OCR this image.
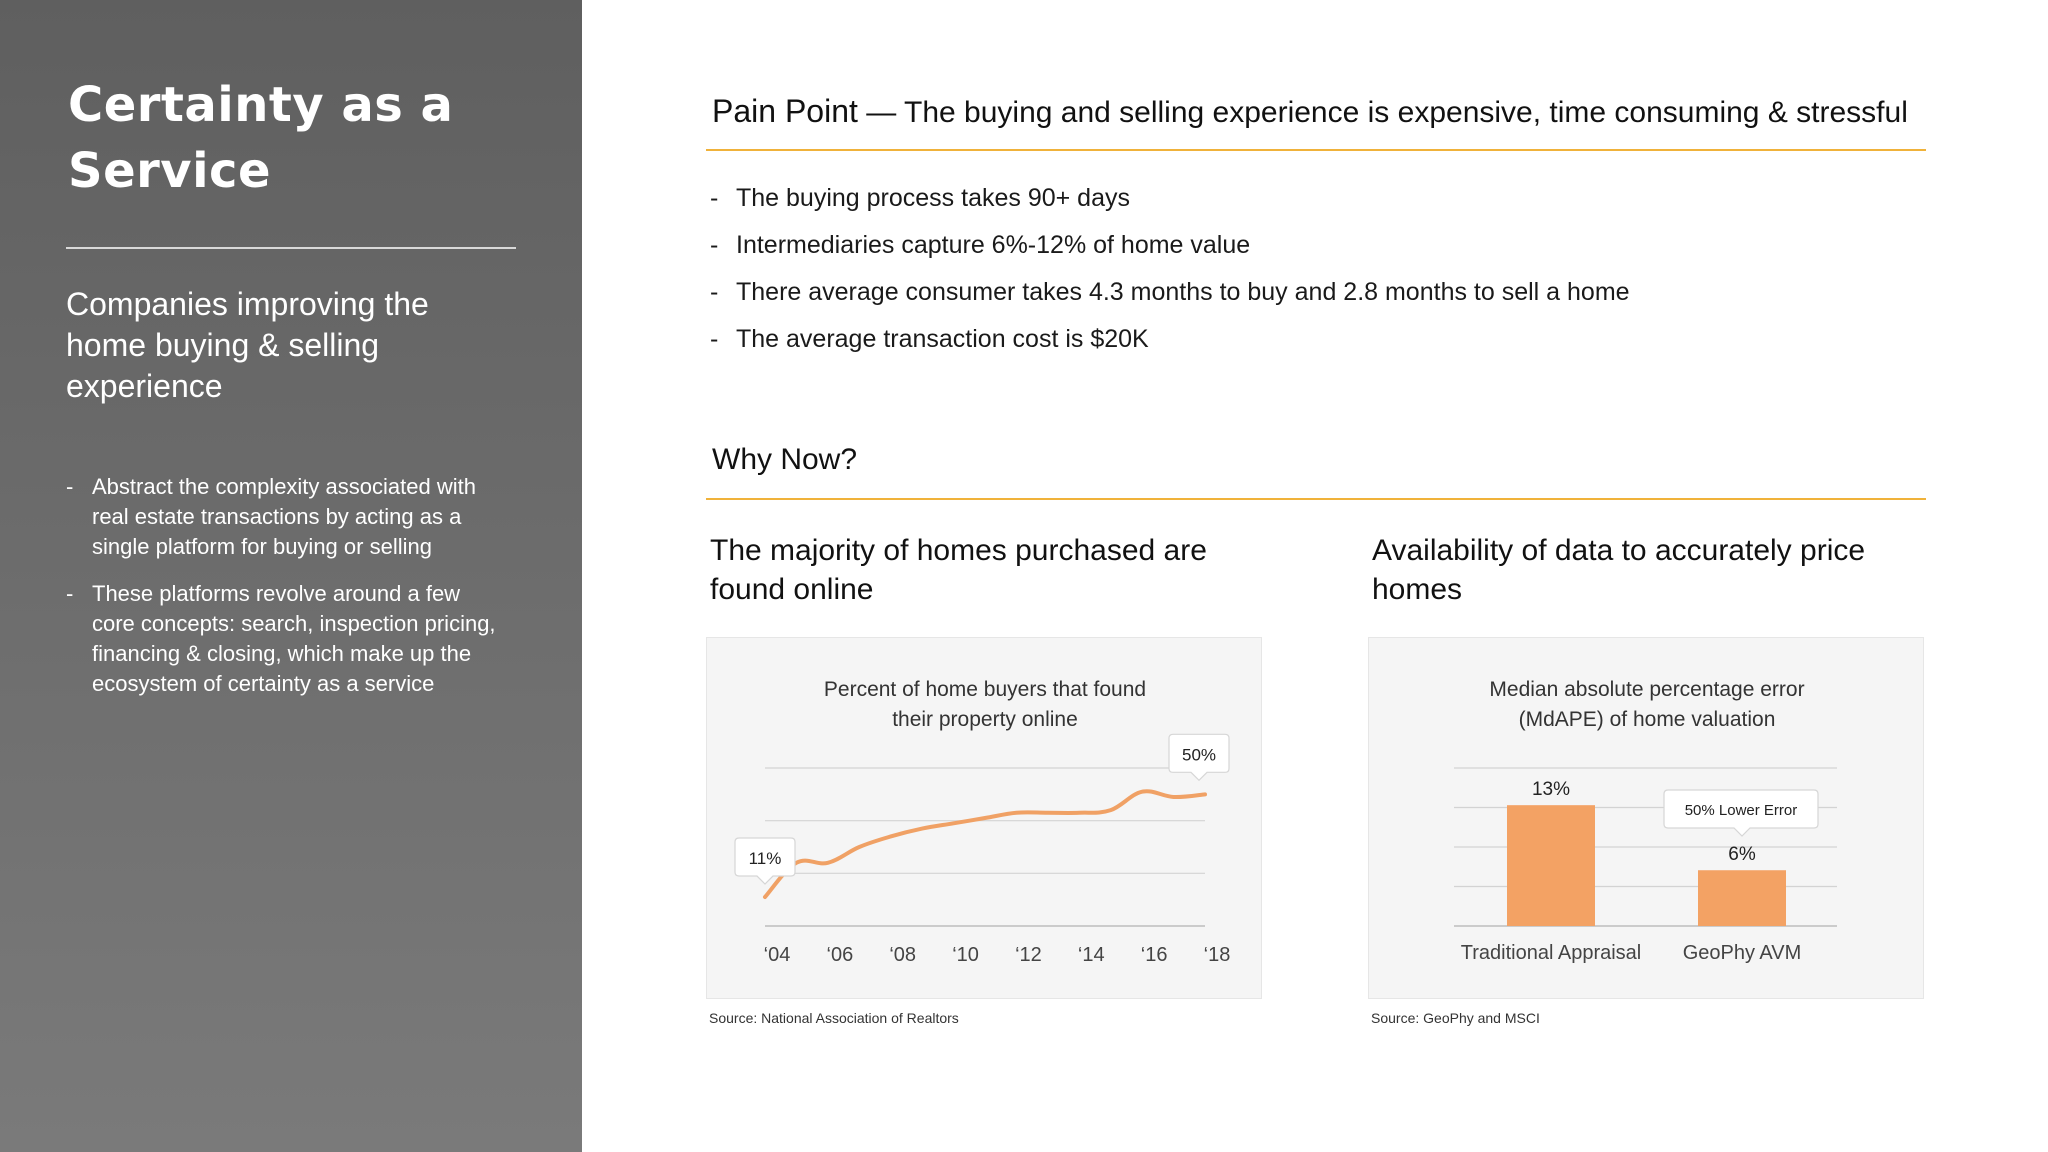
Certainty as a Service
Companies improving the home buying & selling experience
- Abstract the complexity associated with real estate transactions by acting as a single platform for buying or selling
- These platforms revolve around a few core concepts: search, inspection pricing, financing & closing, which make up the ecosystem of certainty as a service
Pain Point — The buying and selling experience is expensive, time consuming & stressful
- The buying process takes 90+ days
- Intermediaries capture 6%-12% of home value
- There average consumer takes 4.3 months to buy and 2.8 months to sell a home
- The average transaction cost is $20K
Why Now?
The majority of homes purchased are found online
Availability of data to accurately price homes
Percent of home buyers that found
their property online
‘04 ‘06 ‘08 ‘10 ‘12 ‘14 ‘16 ‘18
11%
50%
Source: National Association of Realtors
Median absolute percentage error
(MdAPE) of home valuation
13%
Traditional Appraisal
6%
GeoPhy AVM
50% Lower Error
Source: GeoPhy and MSCI
